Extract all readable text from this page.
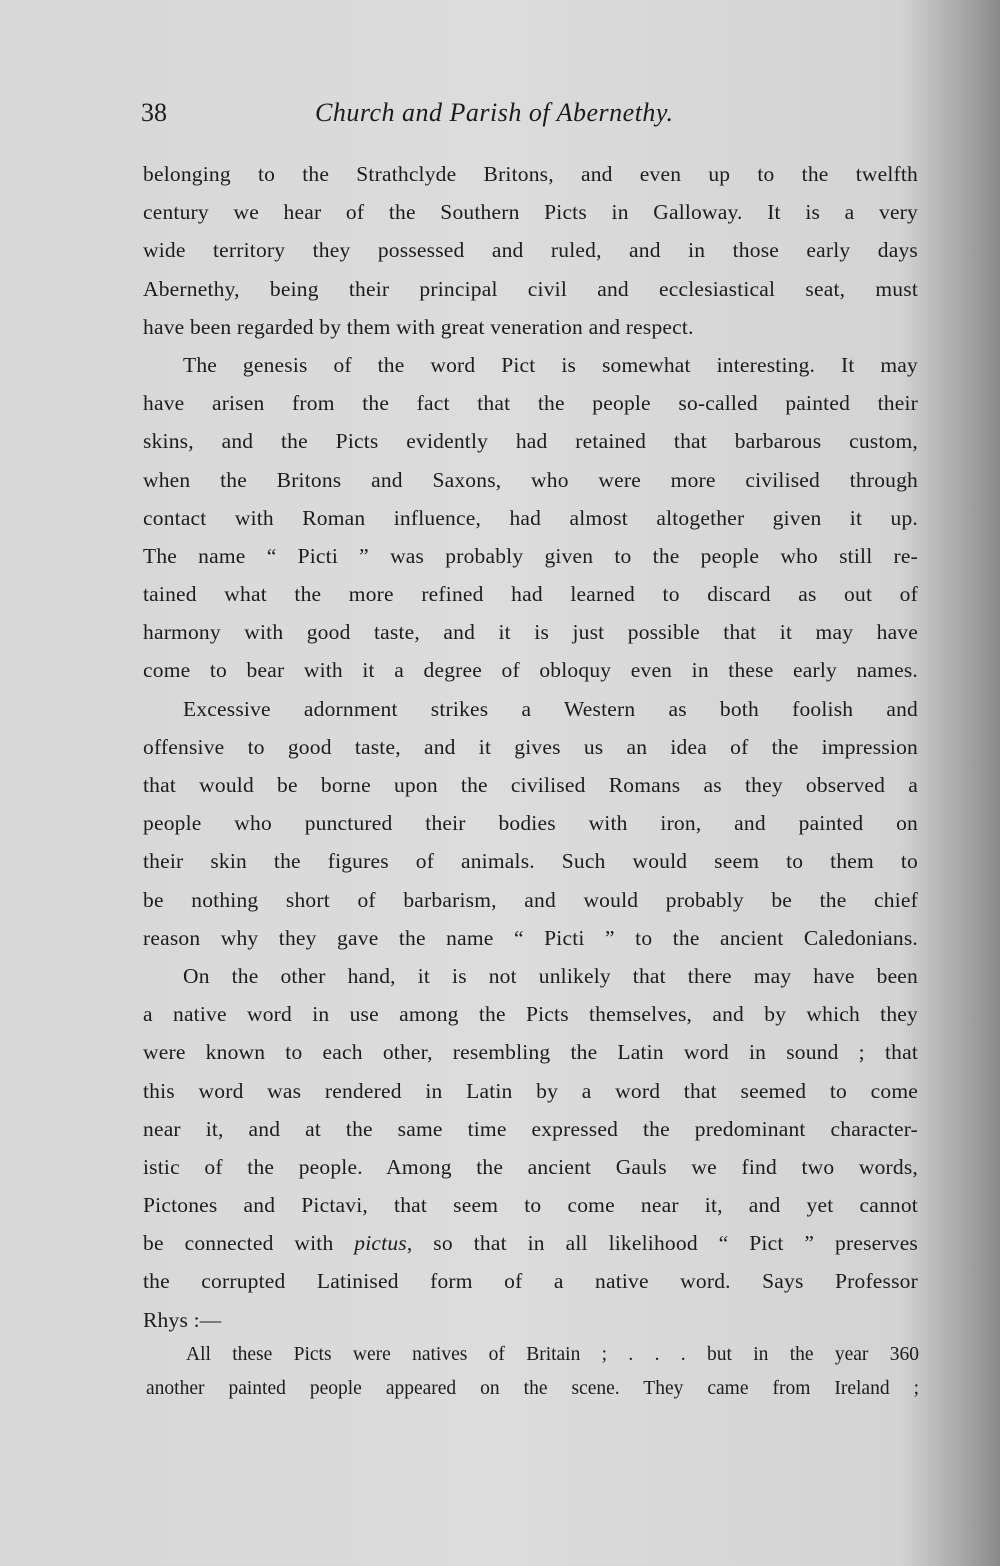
38	Church and Parish of Abernethy.
belonging to the Strathclyde Britons, and even up to the twelfth
century we hear of the Southern Picts in Galloway. It is a very
wide territory they possessed and ruled, and in those early days
Abernethy, being their principal civil and ecclesiastical seat, must
have been regarded by them with great veneration and respect.
The genesis of the word Pict is somewhat interesting. It may
have arisen from the fact that the people so-called painted their
skins, and the Picts evidently had retained that barbarous custom,
when the Britons and Saxons, who were more civilised through
contact with Roman influence, had almost altogether given it up.
The name “ Picti ” was probably given to the people who still re-
tained what the more refined had learned to discard as out of
harmony with good taste, and it is just possible that it may have
come to bear with it a degree of obloquy even in these early names.
Excessive adornment strikes a Western as both foolish and
offensive to good taste, and it gives us an idea of the impression
that would be borne upon the civilised Romans as they observed a
people who punctured their bodies with iron, and painted on
their skin the figures of animals. Such would seem to them to
be nothing short of barbarism, and would probably be the chief
reason why they gave the name “ Picti ” to the ancient Caledonians.
On the other hand, it is not unlikely that there may have been
a native word in use among the Picts themselves, and by which they
were known to each other, resembling the Latin word in sound ; that
this word was rendered in Latin by a word that seemed to come
near it, and at the same time expressed the predominant character-
istic of the people. Among the ancient Gauls we find two words,
Pictones and Pictavi, that seem to come near it, and yet cannot
be connected with pictus, so that in all likelihood “ Pict ” preserves
the corrupted Latinised form of a native word. Says Professor
Rhys :—
All these Picts were natives of Britain ; . . . but in the year 360
another painted people appeared on the scene. They came from Ireland ;
